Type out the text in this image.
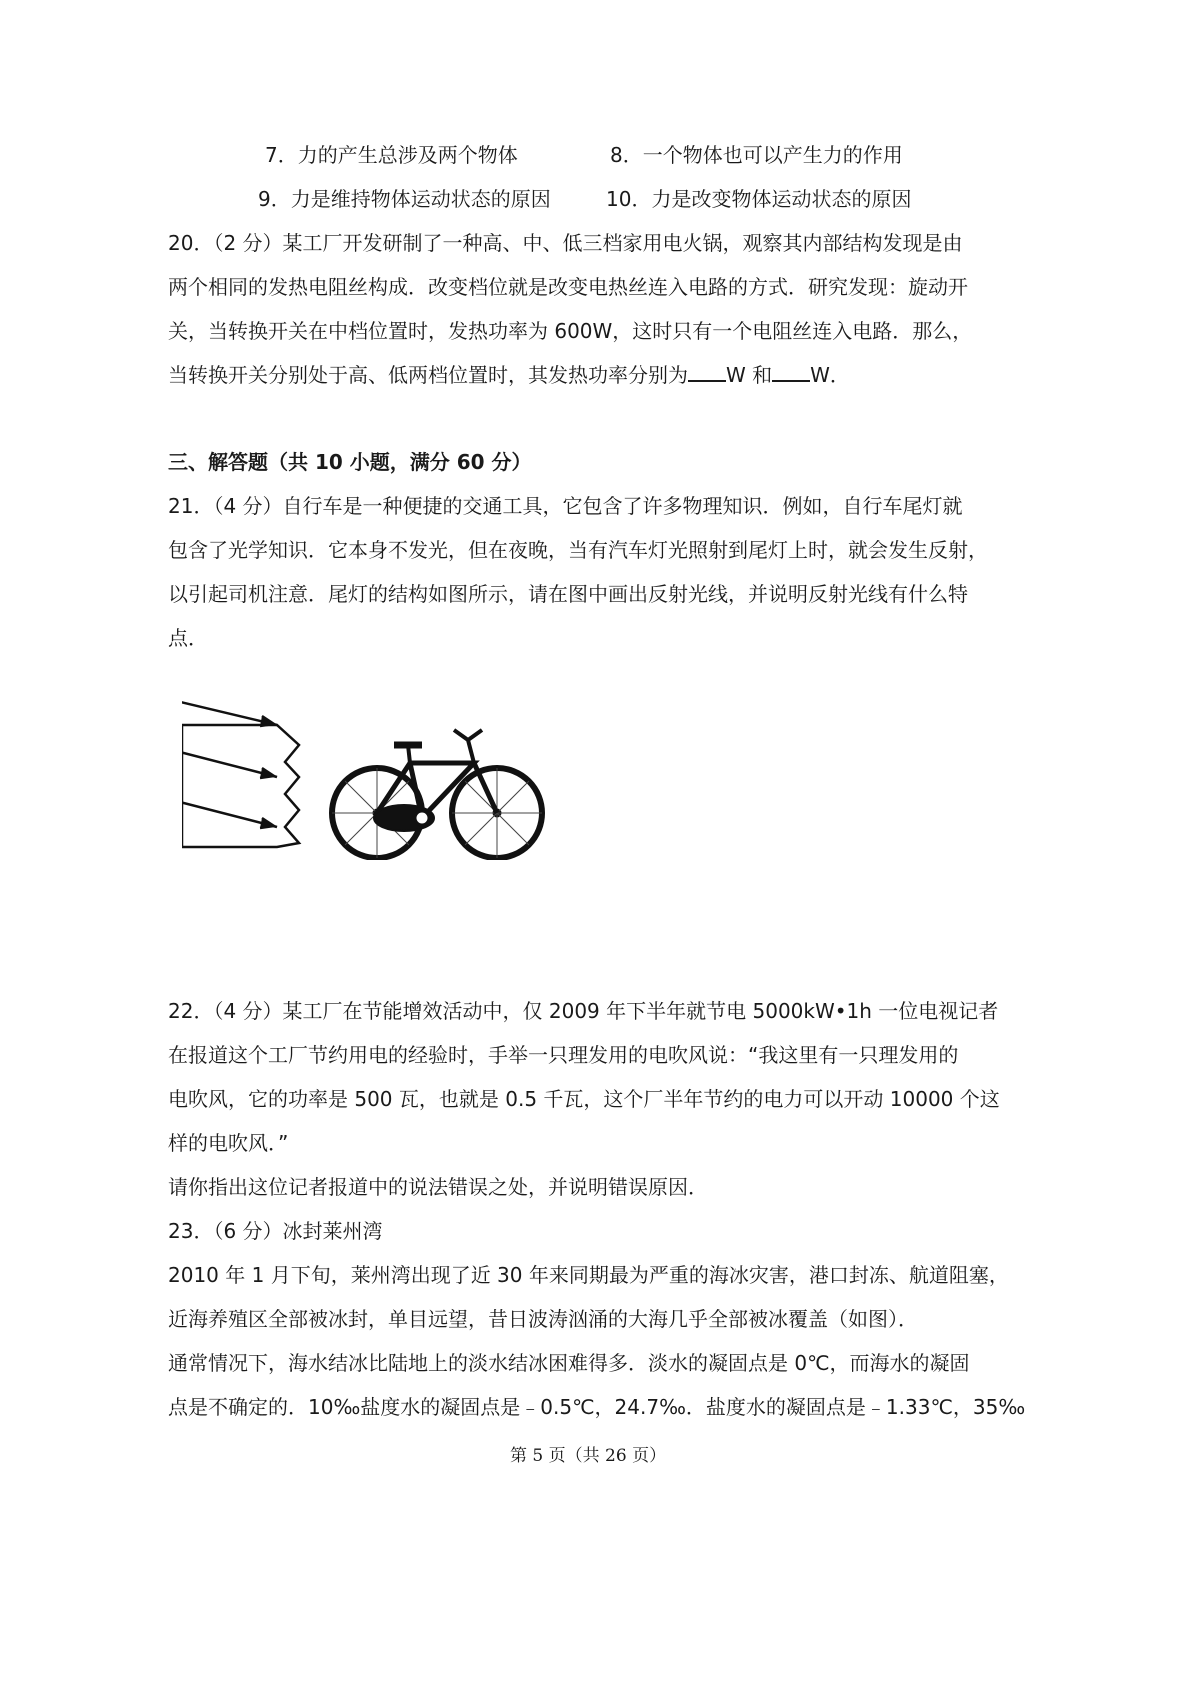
7．力的产生总涉及两个物体	8．一个物体也可以产生力的作用
9．力是维持物体运动状态的原因	10．力是改变物体运动状态的原因
20．（2 分）某工厂开发研制了一种高、中、低三档家用电火锅，观察其内部结构发现是由
两个相同的发热电阻丝构成．改变档位就是改变电热丝连入电路的方式．研究发现：旋动开
关，当转换开关在中档位置时，发热功率为 600W，这时只有一个电阻丝连入电路．那么，
当转换开关分别处于高、低两档位置时，其发热功率分别为 W 和 W．
三、解答题（共 10 小题，满分 60 分）
21．（4 分）自行车是一种便捷的交通工具，它包含了许多物理知识．例如，自行车尾灯就
包含了光学知识．它本身不发光，但在夜晚，当有汽车灯光照射到尾灯上时，就会发生反射，
以引起司机注意．尾灯的结构如图所示，请在图中画出反射光线，并说明反射光线有什么特
点．
22．（4 分）某工厂在节能增效活动中，仅 2009 年下半年就节电 5000kW•1h 一位电视记者
在报道这个工厂节约用电的经验时，手举一只理发用的电吹风说：“我这里有一只理发用的
电吹风，它的功率是 500 瓦，也就是 0.5 千瓦，这个厂半年节约的电力可以开动 10000 个这
样的电吹风．”
请你指出这位记者报道中的说法错误之处，并说明错误原因．
23．（6 分）冰封莱州湾
2010 年 1 月下旬，莱州湾出现了近 30 年来同期最为严重的海冰灾害，港口封冻、航道阻塞，
近海养殖区全部被冰封，单目远望，昔日波涛汹涌的大海几乎全部被冰覆盖（如图）．
通常情况下，海水结冰比陆地上的淡水结冰困难得多．淡水的凝固点是 0℃，而海水的凝固
点是不确定的．10‰盐度水的凝固点是﹣0.5℃，24.7‰．盐度水的凝固点是﹣1.33℃，35‰
第 5 页（共 26 页）
